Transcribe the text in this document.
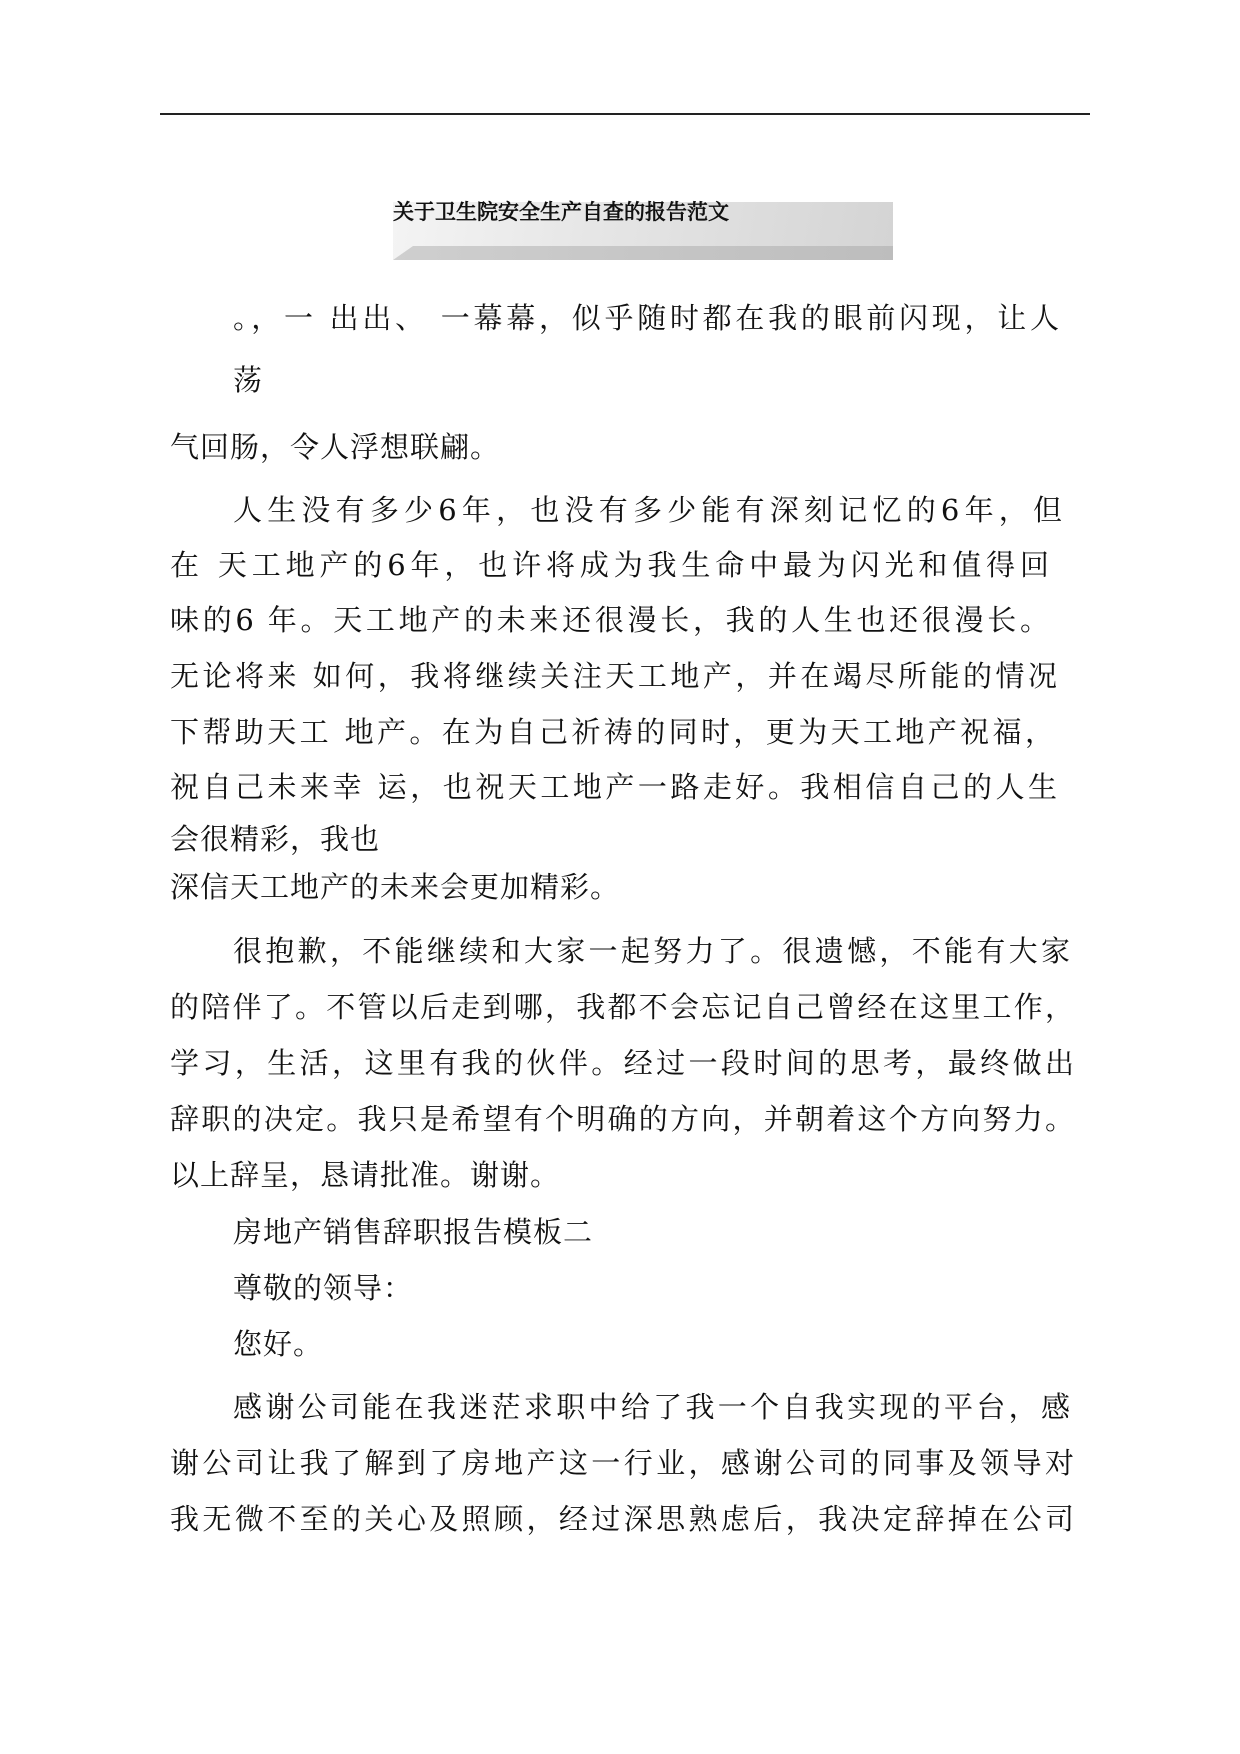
关于卫生院安全生产自查的报告范文
。，一 出出、 一幕幕，似乎随时都在我的眼前闪现，让人
荡
气回肠，令人浮想联翩。
人生没有多少6年，也没有多少能有深刻记忆的6年，但
在 天工地产的6年，也许将成为我生命中最为闪光和值得回
味的6 年。天工地产的未来还很漫长，我的人生也还很漫长。
无论将来 如何，我将继续关注天工地产，并在竭尽所能的情况
下帮助天工 地产。在为自己祈祷的同时，更为天工地产祝福，
祝自己未来幸 运，也祝天工地产一路走好。我相信自己的人生
会很精彩，我也
深信天工地产的未来会更加精彩。
很抱歉，不能继续和大家一起努力了。很遗憾，不能有大家
的陪伴了。不管以后走到哪，我都不会忘记自己曾经在这里工作，
学习，生活，这里有我的伙伴。经过一段时间的思考，最终做出
辞职的决定。我只是希望有个明确的方向，并朝着这个方向努力。
以上辞呈，恳请批准。谢谢。
房地产销售辞职报告模板二
尊敬的领导：
您好。
感谢公司能在我迷茫求职中给了我一个自我实现的平台，感
谢公司让我了解到了房地产这一行业，感谢公司的同事及领导对
我无微不至的关心及照顾，经过深思熟虑后，我决定辞掉在公司
